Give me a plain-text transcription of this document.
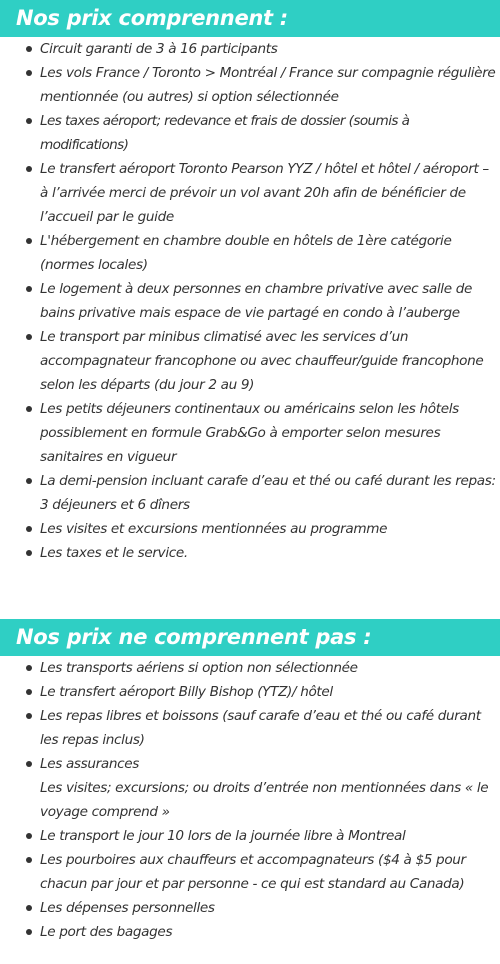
Nos prix comprennent :
Circuit garanti de 3 à 16 participants
Les vols France / Toronto > Montréal / France sur compagnie régulière mentionnée (ou autres) si option sélectionnée
Les taxes aéroport; redevance et frais de dossier (soumis à modifications)
Le transfert aéroport Toronto Pearson YYZ / hôtel et hôtel / aéroport – à l’arrivée merci de prévoir un vol avant 20h afin de bénéficier de l’accueil par le guide
L'hébergement en chambre double en hôtels de 1ère catégorie (normes locales)
Le logement à deux personnes en chambre privative avec salle de bains privative mais espace de vie partagé en condo à l’auberge
Le transport par minibus climatisé avec les services d’un accompagnateur francophone ou avec chauffeur/guide francophone selon les départs (du jour 2 au 9)
Les petits déjeuners continentaux ou américains selon les hôtels possiblement en formule Grab&Go à emporter selon mesures sanitaires en vigueur
La demi-pension incluant carafe d’eau et thé ou café durant les repas: 3 déjeuners et 6 dîners
Les visites et excursions mentionnées au programme
Les taxes et le service.
Nos prix ne comprennent pas :
Les transports aériens si option non sélectionnée
Le transfert aéroport Billy Bishop (YTZ)/ hôtel
Les repas libres et boissons (sauf carafe d’eau et thé ou café durant les repas inclus)
Les assurances
Les visites; excursions; ou droits d’entrée non mentionnées dans « le voyage comprend »
Le transport le jour 10 lors de la journée libre à Montreal
Les pourboires aux chauffeurs et accompagnateurs ($4 à $5 pour chacun par jour et par personne - ce qui est standard au Canada)
Les dépenses personnelles
Le port des bagages
